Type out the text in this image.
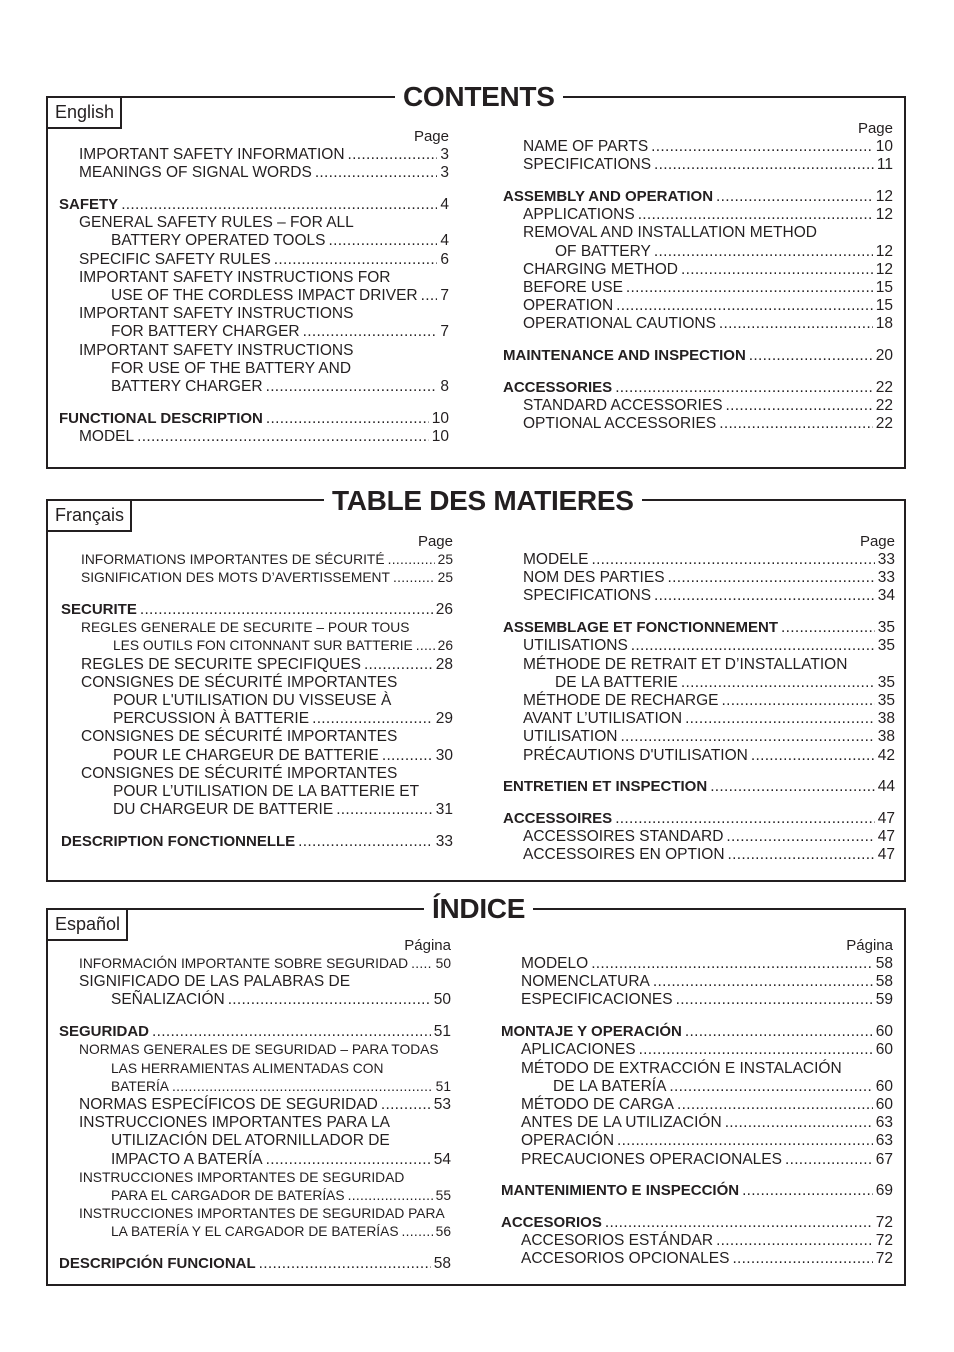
English
Page
IMPORTANT SAFETY INFORMATION .....	3
MEANINGS OF SIGNAL WORDS .....	3
SAFETY .....	4
GENERAL SAFETY RULES – FOR ALL
BATTERY OPERATED TOOLS .....	4
SPECIFIC SAFETY RULES .....	6
IMPORTANT SAFETY INSTRUCTIONS FOR
USE OF THE CORDLESS IMPACT DRIVER ..... 7
IMPORTANT SAFETY INSTRUCTIONS
FOR BATTERY CHARGER .....	7
IMPORTANT SAFETY INSTRUCTIONS
FOR USE OF THE BATTERY AND
BATTERY CHARGER .....	8
FUNCTIONAL DESCRIPTION .....	10
MODEL .....	10
Page
NAME OF PARTS .....	10
SPECIFICATIONS .....	11
ASSEMBLY AND OPERATION .....	12
APPLICATIONS .....	12
REMOVAL AND INSTALLATION METHOD
OF BATTERY .....	12
CHARGING METHOD .....	12
BEFORE USE .....	15
OPERATION .....	15
OPERATIONAL CAUTIONS .....	18
MAINTENANCE AND INSPECTION .....	20
ACCESSORIES .....	22
STANDARD ACCESSORIES .....	22
OPTIONAL ACCESSORIES .....	22
CONTENTS
Français
Page
INFORMATIONS IMPORTANTES DE SÉCURITÉ .....	25
SIGNIFICATION DES MOTS D’AVERTISSEMENT .....	25
SECURITE .....	26
REGLES GENERALE DE SECURITE – POUR TOUS
LES OUTILS FON CITONNANT SUR BATTERIE ..... 26
REGLES DE SECURITE SPECIFIQUES .....	28
CONSIGNES DE SÉCURITÉ IMPORTANTES
POUR L'UTILISATION DU VISSEUSE À
PERCUSSION À BATTERIE .....	29
CONSIGNES DE SÉCURITÉ IMPORTANTES
POUR LE CHARGEUR DE BATTERIE .....	30
CONSIGNES DE SÉCURITÉ IMPORTANTES
POUR L’UTILISATION DE LA BATTERIE ET
DU CHARGEUR DE BATTERIE .....	31
DESCRIPTION FONCTIONNELLE .....	33
Page
MODELE .....	33
NOM DES PARTIES .....	33
SPECIFICATIONS .....	34
ASSEMBLAGE ET FONCTIONNEMENT .....	35
UTILISATIONS .....	35
MÉTHODE DE RETRAIT ET D’INSTALLATION
DE LA BATTERIE .....	35
MÉTHODE DE RECHARGE .....	35
AVANT L’UTILISATION .....	38
UTILISATION .....	38
PRÉCAUTIONS D'UTILISATION .....	42
ENTRETIEN ET INSPECTION .....	44
ACCESSOIRES .....	47
ACCESSOIRES STANDARD .....	47
ACCESSOIRES EN OPTION .....	47
TABLE DES MATIERES
Español
Página
INFORMACIÓN IMPORTANTE SOBRE SEGURIDAD ..... 50
SIGNIFICADO DE LAS PALABRAS DE
SEÑALIZACIÓN .....	50
SEGURIDAD .....	51
NORMAS GENERALES DE SEGURIDAD – PARA TODAS
LAS HERRAMIENTAS ALIMENTADAS CON
BATERÍA .....	51
NORMAS ESPECÍFICOS DE SEGURIDAD .....	53
INSTRUCCIONES IMPORTANTES PARA LA
UTILIZACIÓN DEL ATORNILLADOR DE
IMPACTO A BATERÍA .....	54
INSTRUCCIONES IMPORTANTES DE SEGURIDAD
PARA EL CARGADOR DE BATERÍAS .....	55
INSTRUCCIONES IMPORTANTES DE SEGURIDAD PARA
LA BATERÍA Y EL CARGADOR DE BATERÍAS .....	56
DESCRIPCIÓN FUNCIONAL .....	58
Página
MODELO .....	58
NOMENCLATURA .....	58
ESPECIFICACIONES .....	59
MONTAJE Y OPERACIÓN .....	60
APLICACIONES .....	60
MÉTODO DE EXTRACCIÓN E INSTALACIÓN
DE LA BATERÍA .....	60
MÉTODO DE CARGA .....	60
ANTES DE LA UTILIZACIÓN .....	63
OPERACIÓN .....	63
PRECAUCIONES OPERACIONALES .....	67
MANTENIMIENTO E INSPECCIÓN .....	69
ACCESORIOS .....	72
ACCESORIOS ESTÁNDAR .....	72
ACCESORIOS OPCIONALES .....	72
ÍNDICE
